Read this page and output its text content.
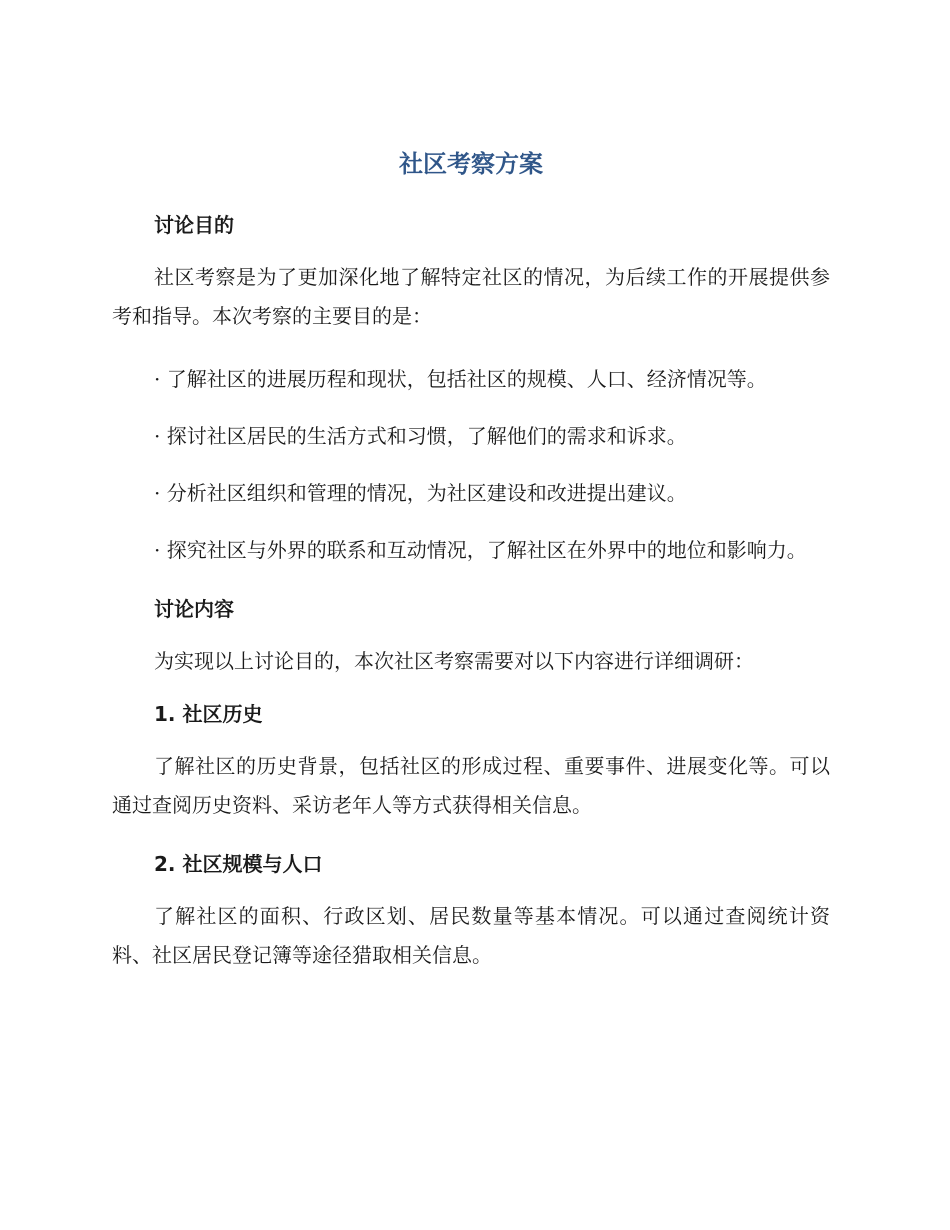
社区考察方案
讨论目的

社区考察是为了更加深化地了解特定社区的情况，为后续工作的开展提供参考和指导。本次考察的主要目的是：

· 了解社区的进展历程和现状，包括社区的规模、人口、经济情况等。

· 探讨社区居民的生活方式和习惯，了解他们的需求和诉求。

· 分析社区组织和管理的情况，为社区建设和改进提出建议。

· 探究社区与外界的联系和互动情况，了解社区在外界中的地位和影响力。

讨论内容

为实现以上讨论目的，本次社区考察需要对以下内容进行详细调研：

1. 社区历史

了解社区的历史背景，包括社区的形成过程、重要事件、进展变化等。可以通过查阅历史资料、采访老年人等方式获得相关信息。

2. 社区规模与人口

了解社区的面积、行政区划、居民数量等基本情况。可以通过查阅统计资料、社区居民登记簿等途径猎取相关信息。
